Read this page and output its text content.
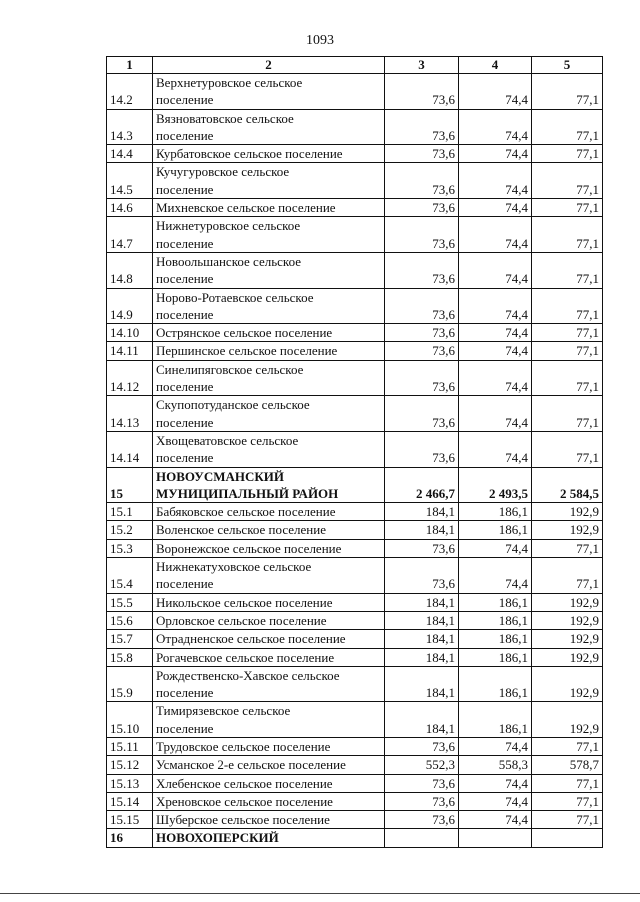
1093
1	2	3	4	5
14.2	Верхнетуровское сельское
поселение	73,6	74,4	77,1
14.3	Вязноватовское сельское
поселение	73,6	74,4	77,1
14.4	Курбатовское сельское поселение	73,6	74,4	77,1
14.5	Кучугуровское сельское
поселение	73,6	74,4	77,1
14.6	Михневское сельское поселение	73,6	74,4	77,1
14.7	Нижнетуровское сельское
поселение	73,6	74,4	77,1
14.8	Новоольшанское сельское
поселение	73,6	74,4	77,1
14.9	Норово-Ротаевское сельское
поселение	73,6	74,4	77,1
14.10	Острянское сельское поселение	73,6	74,4	77,1
14.11	Першинское сельское поселение	73,6	74,4	77,1
14.12	Синелипяговское сельское
поселение	73,6	74,4	77,1
14.13	Скупопотуданское сельское
поселение	73,6	74,4	77,1
14.14	Хвощеватовское сельское
поселение	73,6	74,4	77,1
15	НОВОУСМАНСКИЙ
МУНИЦИПАЛЬНЫЙ РАЙОН	2 466,7	2 493,5	2 584,5
15.1	Бабяковское сельское поселение	184,1	186,1	192,9
15.2	Воленское сельское поселение	184,1	186,1	192,9
15.3	Воронежское сельское поселение	73,6	74,4	77,1
15.4	Нижнекатуховское сельское
поселение	73,6	74,4	77,1
15.5	Никольское сельское поселение	184,1	186,1	192,9
15.6	Орловское сельское поселение	184,1	186,1	192,9
15.7	Отрадненское сельское поселение	184,1	186,1	192,9
15.8	Рогачевское сельское поселение	184,1	186,1	192,9
15.9	Рождественско-Хавское сельское
поселение	184,1	186,1	192,9
15.10	Тимирязевское сельское
поселение	184,1	186,1	192,9
15.11	Трудовское сельское поселение	73,6	74,4	77,1
15.12	Усманское 2-е сельское поселение	552,3	558,3	578,7
15.13	Хлебенское сельское поселение	73,6	74,4	77,1
15.14	Хреновское сельское поселение	73,6	74,4	77,1
15.15	Шуберское сельское поселение	73,6	74,4	77,1
16	НОВОХОПЕРСКИЙ			
